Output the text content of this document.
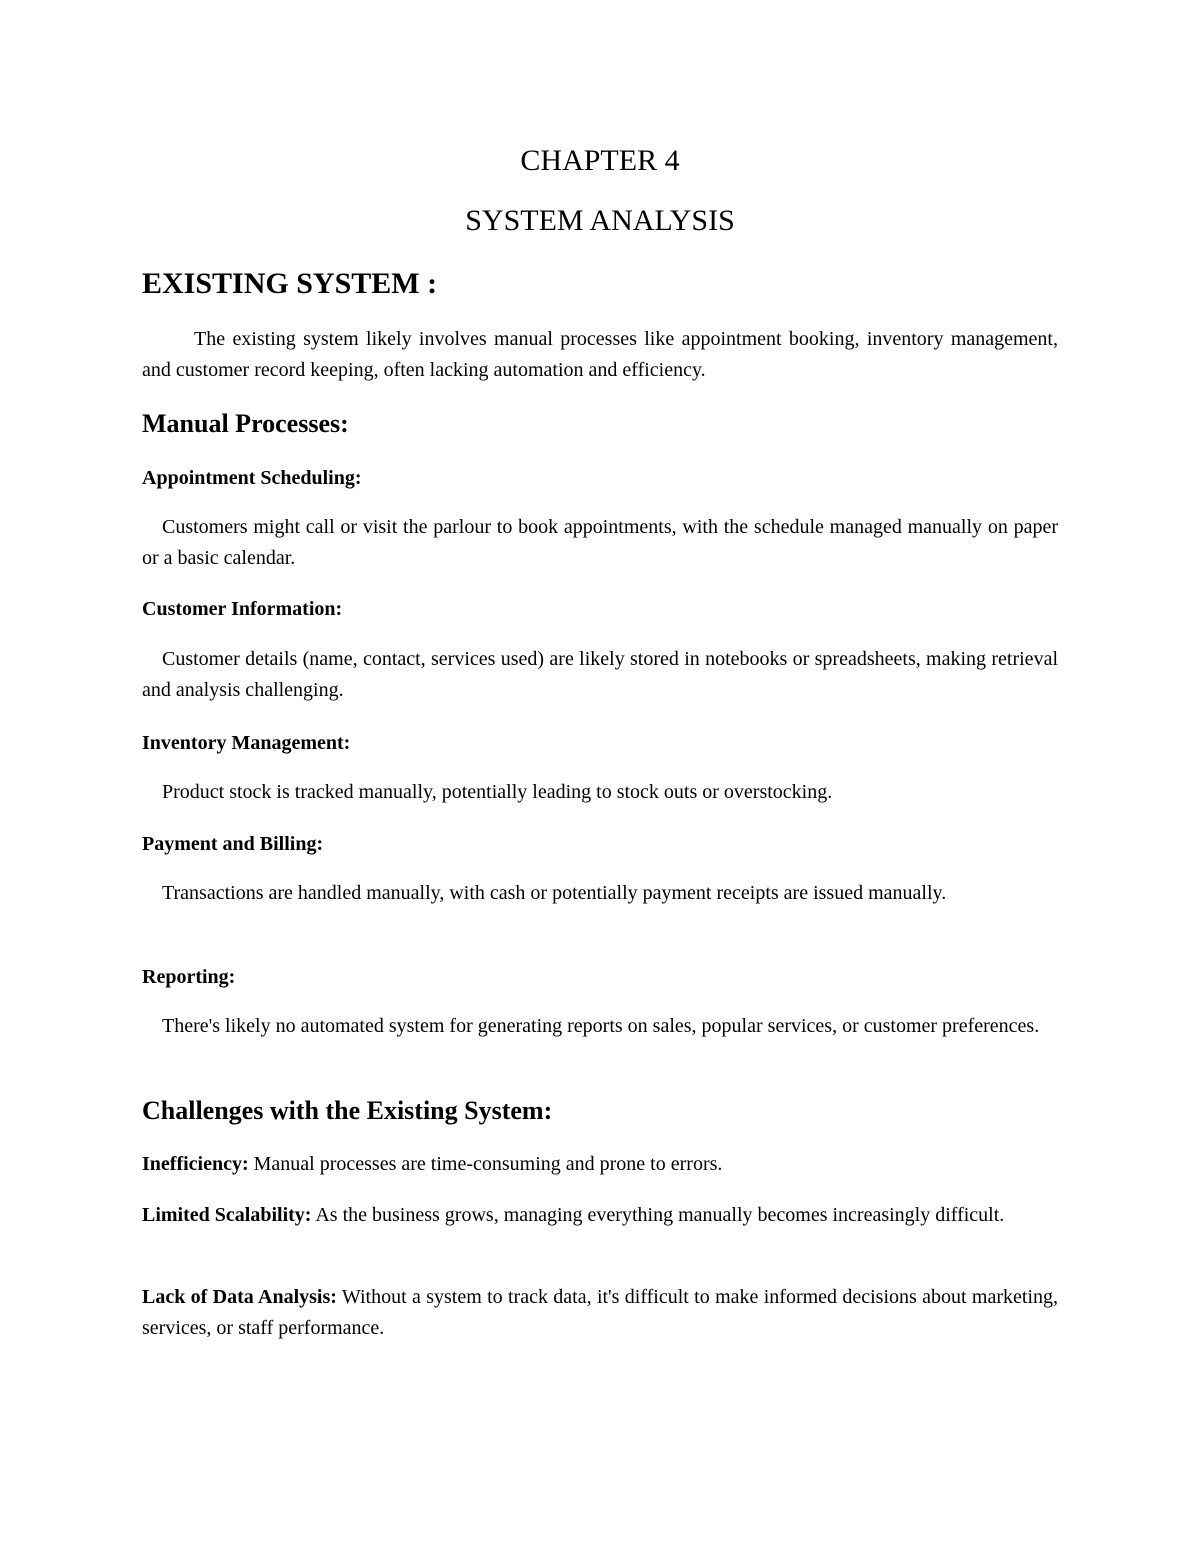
CHAPTER 4
SYSTEM ANALYSIS
EXISTING SYSTEM :

The existing system likely involves manual processes like appointment booking, inventory management, and customer record keeping, often lacking automation and efficiency.

Manual Processes:
Appointment Scheduling:

Customers might call or visit the parlour to book appointments, with the schedule managed manually on paper or a basic calendar.

Customer Information:

Customer details (name, contact, services used) are likely stored in notebooks or spreadsheets, making retrieval and analysis challenging.

Inventory Management:

Product stock is tracked manually, potentially leading to stock outs or overstocking.

Payment and Billing:

Transactions are handled manually, with cash or potentially payment receipts are issued manually.

Reporting:

There's likely no automated system for generating reports on sales, popular services, or customer preferences.

Challenges with the Existing System:

Inefficiency: Manual processes are time-consuming and prone to errors.

Limited Scalability: As the business grows, managing everything manually becomes increasingly difficult.

Lack of Data Analysis: Without a system to track data, it's difficult to make informed decisions about marketing, services, or staff performance.
